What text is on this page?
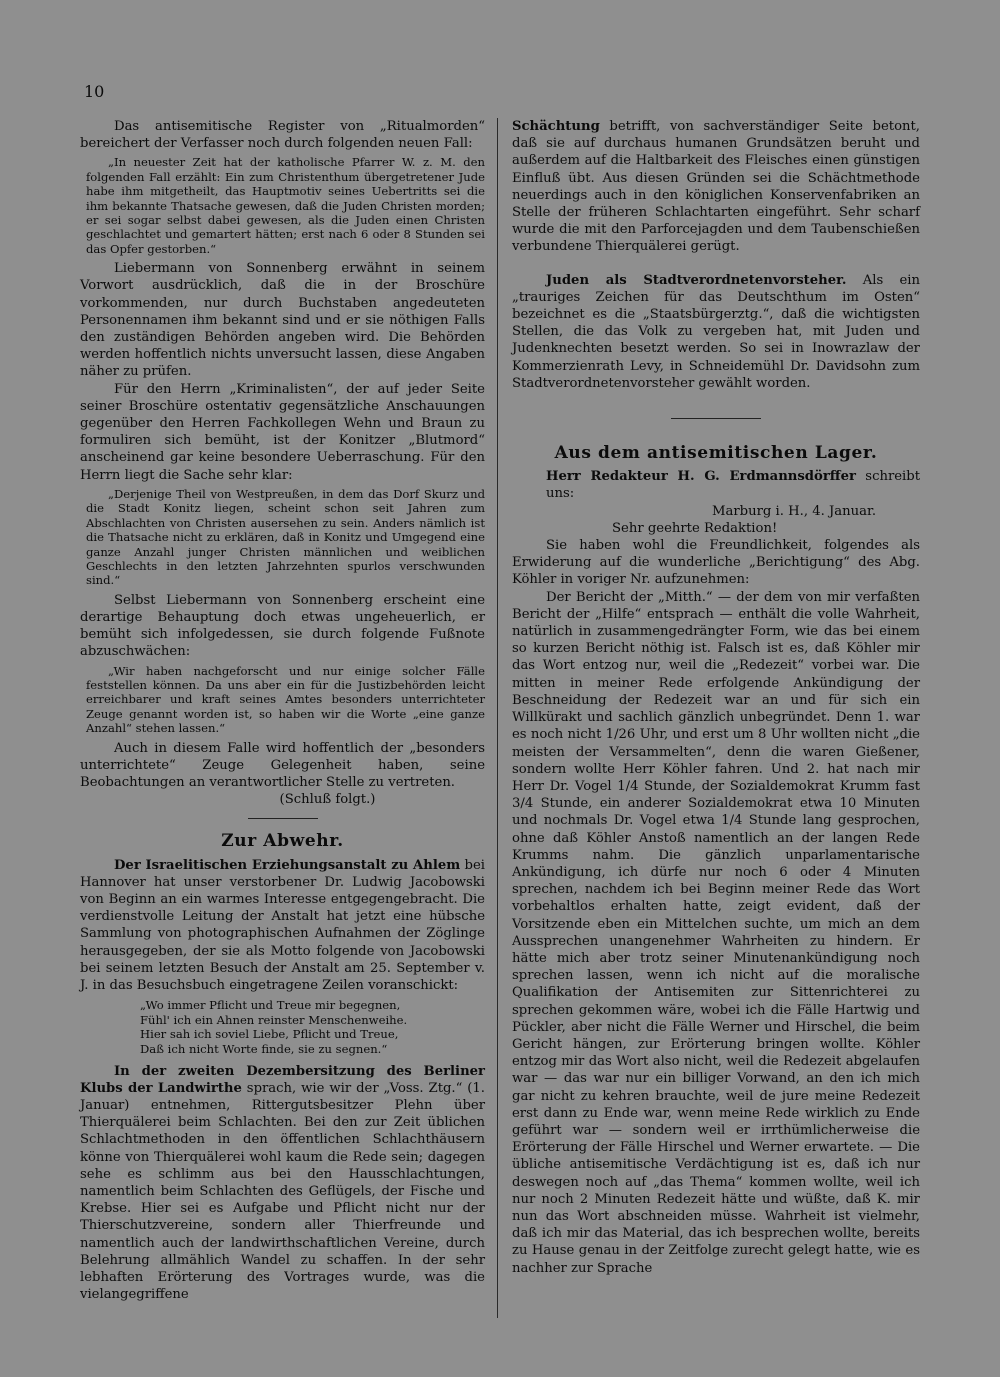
10

Das antisemitische Register von „Ritualmorden“ bereichert der Verfasser noch durch folgenden neuen Fall:

„In neuester Zeit hat der katholische Pfarrer W. z. M. den folgenden Fall erzählt: Ein zum Christenthum übergetretener Jude habe ihm mitgetheilt, das Hauptmotiv seines Uebertritts sei die ihm bekannte Thatsache gewesen, daß die Juden Christen morden; er sei sogar selbst dabei gewesen, als die Juden einen Christen geschlachtet und gemartert hätten; erst nach 6 oder 8 Stunden sei das Opfer gestorben.“

Liebermann von Sonnenberg erwähnt in seinem Vorwort ausdrücklich, daß die in der Broschüre vorkommenden, nur durch Buchstaben angedeuteten Personennamen ihm bekannt sind und er sie nöthigen Falls den zuständigen Behörden angeben wird. Die Behörden werden hoffentlich nichts unversucht lassen, diese Angaben näher zu prüfen.

Für den Herrn „Kriminalisten“, der auf jeder Seite seiner Broschüre ostentativ gegensätzliche Anschauungen gegenüber den Herren Fachkollegen Wehn und Braun zu formuliren sich bemüht, ist der Konitzer „Blutmord“ anscheinend gar keine besondere Ueberraschung. Für den Herrn liegt die Sache sehr klar:

„Derjenige Theil von Westpreußen, in dem das Dorf Skurz und die Stadt Konitz liegen, scheint schon seit Jahren zum Abschlachten von Christen ausersehen zu sein. Anders nämlich ist die Thatsache nicht zu erklären, daß in Konitz und Umgegend eine ganze Anzahl junger Christen männlichen und weiblichen Geschlechts in den letzten Jahrzehnten spurlos verschwunden sind.“

Selbst Liebermann von Sonnenberg erscheint eine derartige Behauptung doch etwas ungeheuerlich, er bemüht sich infolgedessen, sie durch folgende Fußnote abzuschwächen:

„Wir haben nachgeforscht und nur einige solcher Fälle feststellen können. Da uns aber ein für die Justizbehörden leicht erreichbarer und kraft seines Amtes besonders unterrichteter Zeuge genannt worden ist, so haben wir die Worte „eine ganze Anzahl“ stehen lassen.“

Auch in diesem Falle wird hoffentlich der „besonders unterrichtete“ Zeuge Gelegenheit haben, seine Beobachtungen an verantwortlicher Stelle zu vertreten.

(Schluß folgt.)

Zur Abwehr.

Der Israelitischen Erziehungsanstalt zu Ahlem bei Hannover hat unser verstorbener Dr. Ludwig Jacobowski von Beginn an ein warmes Interesse entgegengebracht. Die verdienstvolle Leitung der Anstalt hat jetzt eine hübsche Sammlung von photographischen Aufnahmen der Zöglinge herausgegeben, der sie als Motto folgende von Jacobowski bei seinem letzten Besuch der Anstalt am 25. September v. J. in das Besuchsbuch eingetragene Zeilen voranschickt:

„Wo immer Pflicht und Treue mir begegnen,
Fühl' ich ein Ahnen reinster Menschenweihe.
Hier sah ich soviel Liebe, Pflicht und Treue,
Daß ich nicht Worte finde, sie zu segnen.“

In der zweiten Dezembersitzung des Berliner Klubs der Landwirthe sprach, wie wir der „Voss. Ztg.“ (1. Januar) entnehmen, Rittergutsbesitzer Plehn über Thierquälerei beim Schlachten. Bei den zur Zeit üblichen Schlachtmethoden in den öffentlichen Schlachthäusern könne von Thierquälerei wohl kaum die Rede sein; dagegen sehe es schlimm aus bei den Hausschlachtungen, namentlich beim Schlachten des Geflügels, der Fische und Krebse. Hier sei es Aufgabe und Pflicht nicht nur der Thierschutzvereine, sondern aller Thierfreunde und namentlich auch der landwirthschaftlichen Vereine, durch Belehrung allmählich Wandel zu schaffen. In der sehr lebhaften Erörterung des Vortrages wurde, was die vielangegriffene

Schächtung betrifft, von sachverständiger Seite betont, daß sie auf durchaus humanen Grundsätzen beruht und außerdem auf die Haltbarkeit des Fleisches einen günstigen Einfluß übt. Aus diesen Gründen sei die Schächtmethode neuerdings auch in den königlichen Konservenfabriken an Stelle der früheren Schlachtarten eingeführt. Sehr scharf wurde die mit den Parforcejagden und dem Taubenschießen verbundene Thierquälerei gerügt.

Juden als Stadtverordnetenvorsteher. Als ein „trauriges Zeichen für das Deutschthum im Osten“ bezeichnet es die „Staatsbürgerztg.“, daß die wichtigsten Stellen, die das Volk zu vergeben hat, mit Juden und Judenknechten besetzt werden. So sei in Inowrazlaw der Kommerzienrath Levy, in Schneidemühl Dr. Davidsohn zum Stadtverordnetenvorsteher gewählt worden.

Aus dem antisemitischen Lager.

Herr Redakteur H. G. Erdmannsdörffer schreibt uns:

Marburg i. H., 4. Januar.

Sehr geehrte Redaktion!

Sie haben wohl die Freundlichkeit, folgendes als Erwiderung auf die wunderliche „Berichtigung“ des Abg. Köhler in voriger Nr. aufzunehmen:

Der Bericht der „Mitth.“ — der dem von mir verfaßten Bericht der „Hilfe“ entsprach — enthält die volle Wahrheit, natürlich in zusammengedrängter Form, wie das bei einem so kurzen Bericht nöthig ist. Falsch ist es, daß Köhler mir das Wort entzog nur, weil die „Redezeit“ vorbei war. Die mitten in meiner Rede erfolgende Ankündigung der Beschneidung der Redezeit war an und für sich ein Willkürakt und sachlich gänzlich unbegründet. Denn 1. war es noch nicht 1/26 Uhr, und erst um 8 Uhr wollten nicht „die meisten der Versammelten“, denn die waren Gießener, sondern wollte Herr Köhler fahren. Und 2. hat nach mir Herr Dr. Vogel 1/4 Stunde, der Sozialdemokrat Krumm fast 3/4 Stunde, ein anderer Sozialdemokrat etwa 10 Minuten und nochmals Dr. Vogel etwa 1/4 Stunde lang gesprochen, ohne daß Köhler Anstoß namentlich an der langen Rede Krumms nahm. Die gänzlich unparlamentarische Ankündigung, ich dürfe nur noch 6 oder 4 Minuten sprechen, nachdem ich bei Beginn meiner Rede das Wort vorbehaltlos erhalten hatte, zeigt evident, daß der Vorsitzende eben ein Mittelchen suchte, um mich an dem Aussprechen unangenehmer Wahrheiten zu hindern. Er hätte mich aber trotz seiner Minutenankündigung noch sprechen lassen, wenn ich nicht auf die moralische Qualifikation der Antisemiten zur Sittenrichterei zu sprechen gekommen wäre, wobei ich die Fälle Hartwig und Pückler, aber nicht die Fälle Werner und Hirschel, die beim Gericht hängen, zur Erörterung bringen wollte. Köhler entzog mir das Wort also nicht, weil die Redezeit abgelaufen war — das war nur ein billiger Vorwand, an den ich mich gar nicht zu kehren brauchte, weil de jure meine Redezeit erst dann zu Ende war, wenn meine Rede wirklich zu Ende geführt war — sondern weil er irrthümlicherweise die Erörterung der Fälle Hirschel und Werner erwartete. — Die übliche antisemitische Verdächtigung ist es, daß ich nur deswegen noch auf „das Thema“ kommen wollte, weil ich nur noch 2 Minuten Redezeit hätte und wüßte, daß K. mir nun das Wort abschneiden müsse. Wahrheit ist vielmehr, daß ich mir das Material, das ich besprechen wollte, bereits zu Hause genau in der Zeitfolge zurecht gelegt hatte, wie es nachher zur Sprache
